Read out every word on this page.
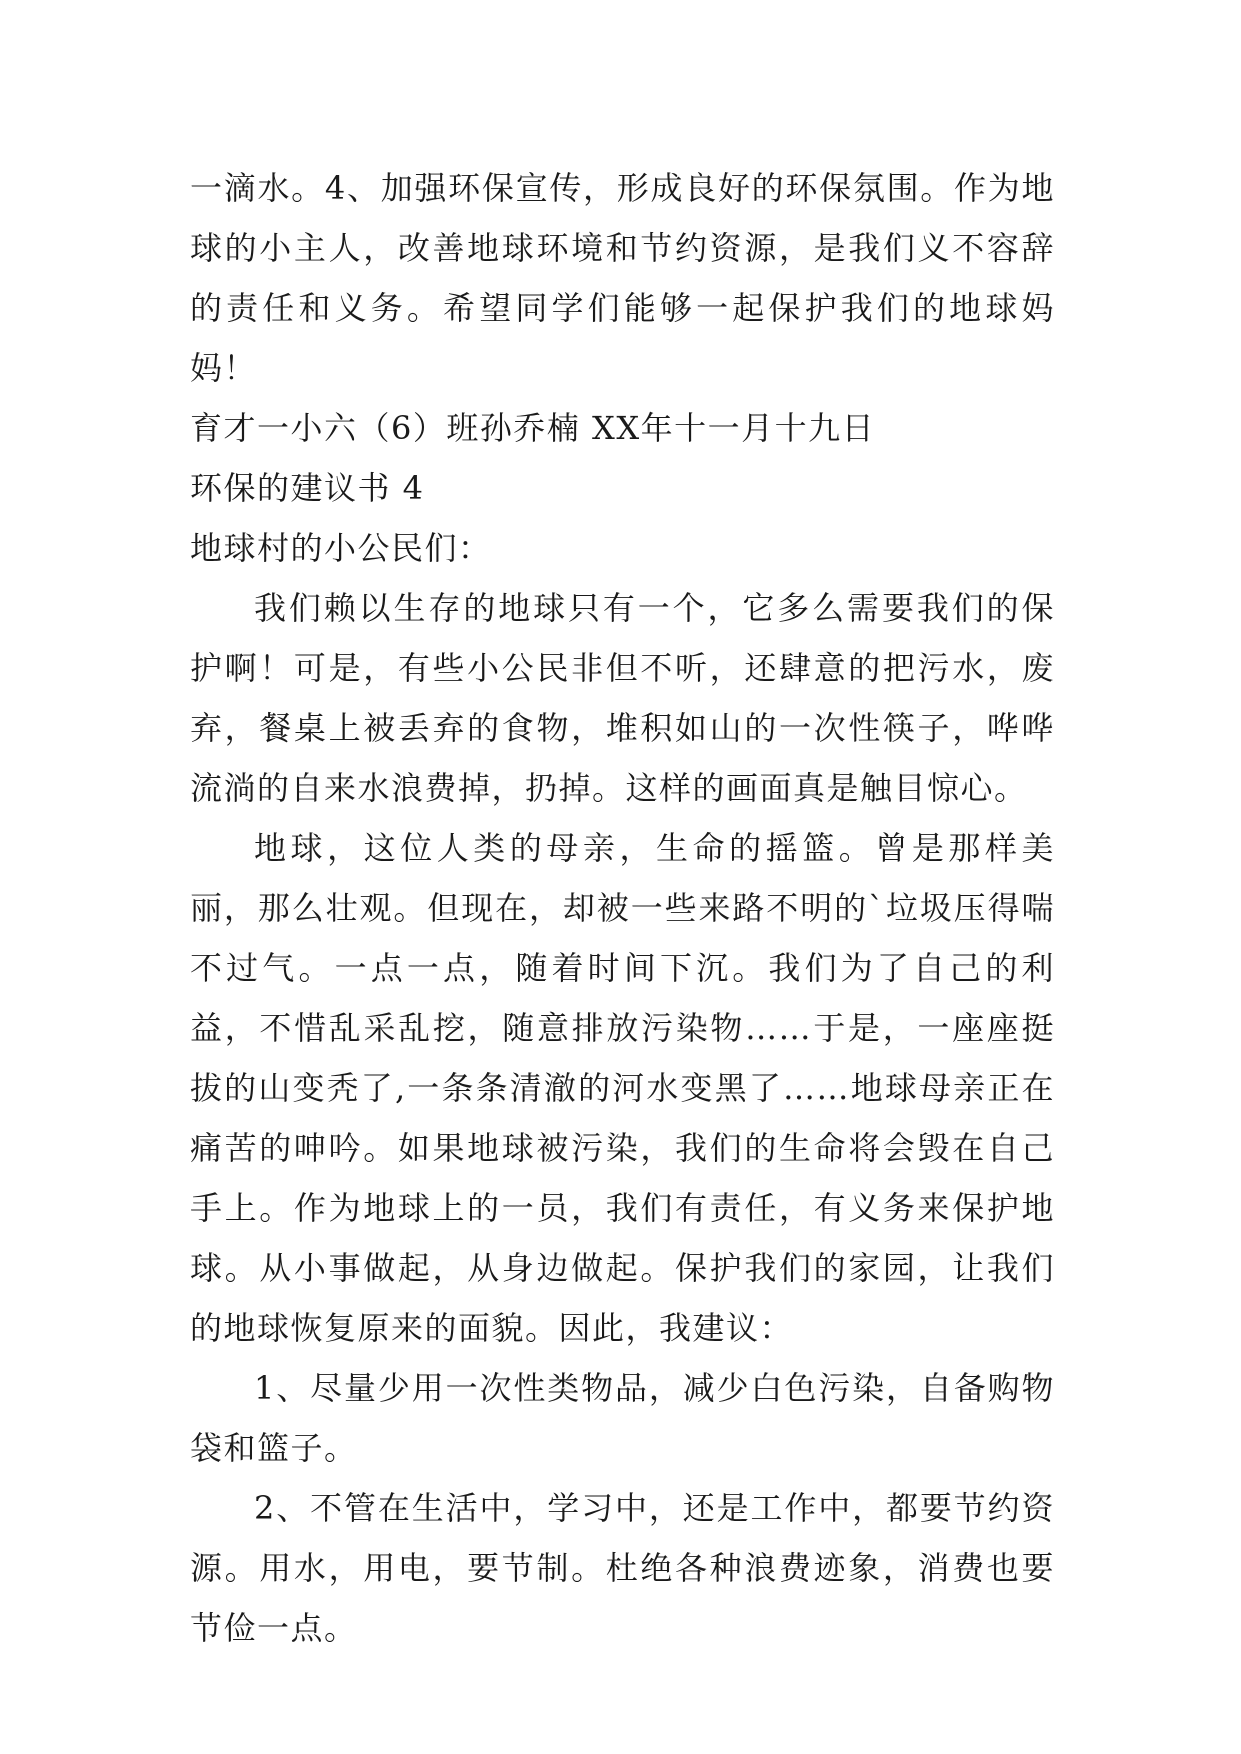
一滴水。4、加强环保宣传，形成良好的环保氛围。作为地球的小主人，改善地球环境和节约资源，是我们义不容辞的责任和义务。希望同学们能够一起保护我们的地球妈妈！

育才一小六（6）班孙乔楠 XX年十一月十九日

环保的建议书 4

地球村的小公民们：

我们赖以生存的地球只有一个，它多么需要我们的保护啊！可是，有些小公民非但不听，还肆意的把污水，废弃，餐桌上被丢弃的食物，堆积如山的一次性筷子，哗哗流淌的自来水浪费掉，扔掉。这样的画面真是触目惊心。

地球，这位人类的母亲，生命的摇篮。曾是那样美丽，那么壮观。但现在，却被一些来路不明的`垃圾压得喘不过气。一点一点，随着时间下沉。我们为了自己的利益，不惜乱采乱挖，随意排放污染物……于是，一座座挺拔的山变秃了,一条条清澈的河水变黑了……地球母亲正在痛苦的呻吟。如果地球被污染，我们的生命将会毁在自己手上。作为地球上的一员，我们有责任，有义务来保护地球。从小事做起，从身边做起。保护我们的家园，让我们的地球恢复原来的面貌。因此，我建议：

1、尽量少用一次性类物品，减少白色污染，自备购物袋和篮子。

2、不管在生活中，学习中，还是工作中，都要节约资源。用水，用电，要节制。杜绝各种浪费迹象，消费也要节俭一点。
